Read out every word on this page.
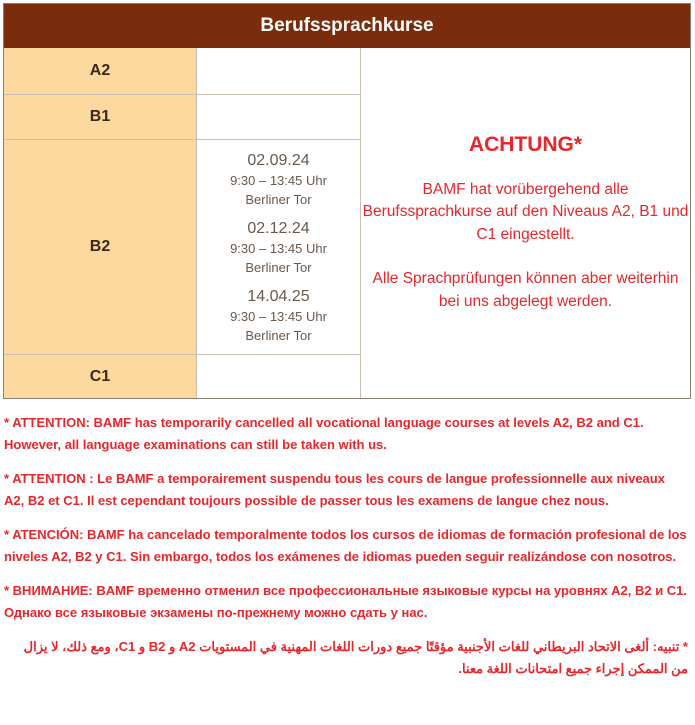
Berufssprachkurse
A2
B1
B2
02.09.24
9:30 – 13:45 Uhr
Berliner Tor
02.12.24
9:30 – 13:45 Uhr
Berliner Tor
14.04.25
9:30 – 13:45 Uhr
Berliner Tor
C1
ACHTUNG*
BAMF hat vorübergehend alle Berufssprachkurse auf den Niveaus A2, B1 und C1 eingestellt.
Alle Sprachprüfungen können aber weiterhin bei uns abgelegt werden.

* ATTENTION: BAMF has temporarily cancelled all vocational language courses at levels A2, B2 and C1. However, all language examinations can still be taken with us.

* ATTENTION : Le BAMF a temporairement suspendu tous les cours de langue professionnelle aux niveaux A2, B2 et C1. Il est cependant toujours possible de passer tous les examens de langue chez nous.

* ATENCIÓN: BAMF ha cancelado temporalmente todos los cursos de idiomas de formación profesional de los niveles A2, B2 y C1. Sin embargo, todos los exámenes de idiomas pueden seguir realizándose con nosotros.

* ВНИМАНИЕ: BAMF временно отменил все профессиональные языковые курсы на уровнях A2, B2 и C1. Однако все языковые экзамены по-прежнему можно сдать у нас.

* تنبيه: ألغى الاتحاد البريطاني للغات الأجنبية مؤقتًا جميع دورات اللغات المهنية في المستويات A2 و B2 و C1، ومع ذلك، لا يزال من الممكن إجراء جميع امتحانات اللغة معنا.
